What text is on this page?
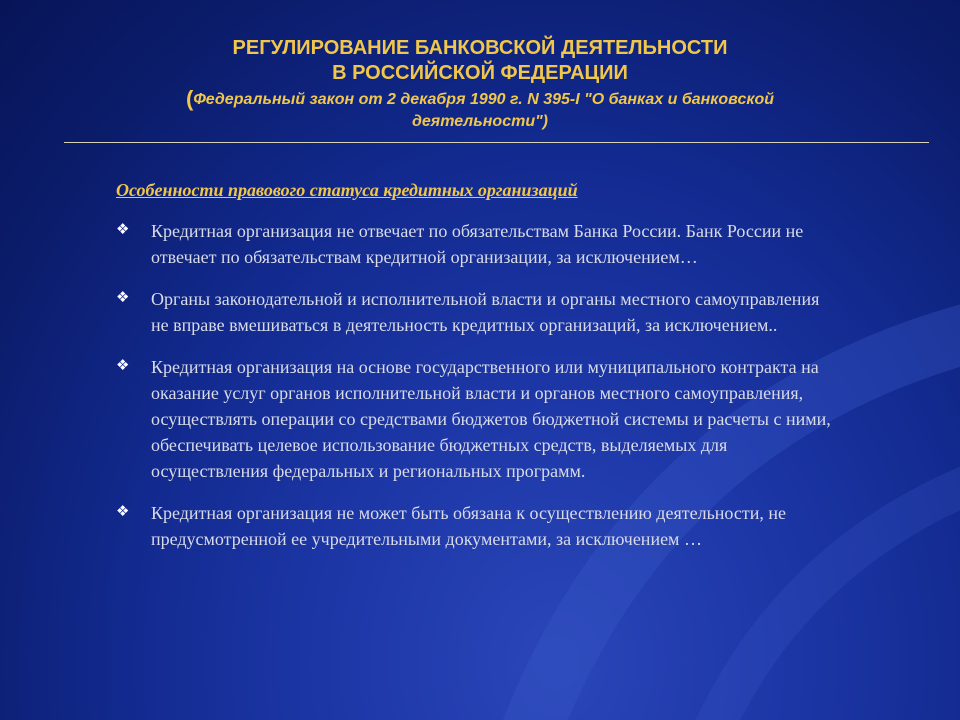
РЕГУЛИРОВАНИЕ БАНКОВСКОЙ ДЕЯТЕЛЬНОСТИ
В РОССИЙСКОЙ ФЕДЕРАЦИИ
(Федеральный закон от 2 декабря 1990 г. N 395-I "О банках и банковской деятельности")
Особенности правового статуса кредитных организаций
❖ Кредитная организация не отвечает по обязательствам Банка России. Банк России не отвечает по обязательствам кредитной организации, за исключением…
❖ Органы законодательной и исполнительной власти и органы местного самоуправления не вправе вмешиваться в деятельность кредитных организаций, за исключением..
❖ Кредитная организация на основе государственного или муниципального контракта на оказание услуг органов исполнительной власти и органов местного самоуправления, осуществлять операции со средствами бюджетов бюджетной системы и расчеты с ними, обеспечивать целевое использование бюджетных средств, выделяемых для осуществления федеральных и региональных программ.
❖ Кредитная организация не может быть обязана к осуществлению деятельности, не предусмотренной ее учредительными документами, за исключением …
